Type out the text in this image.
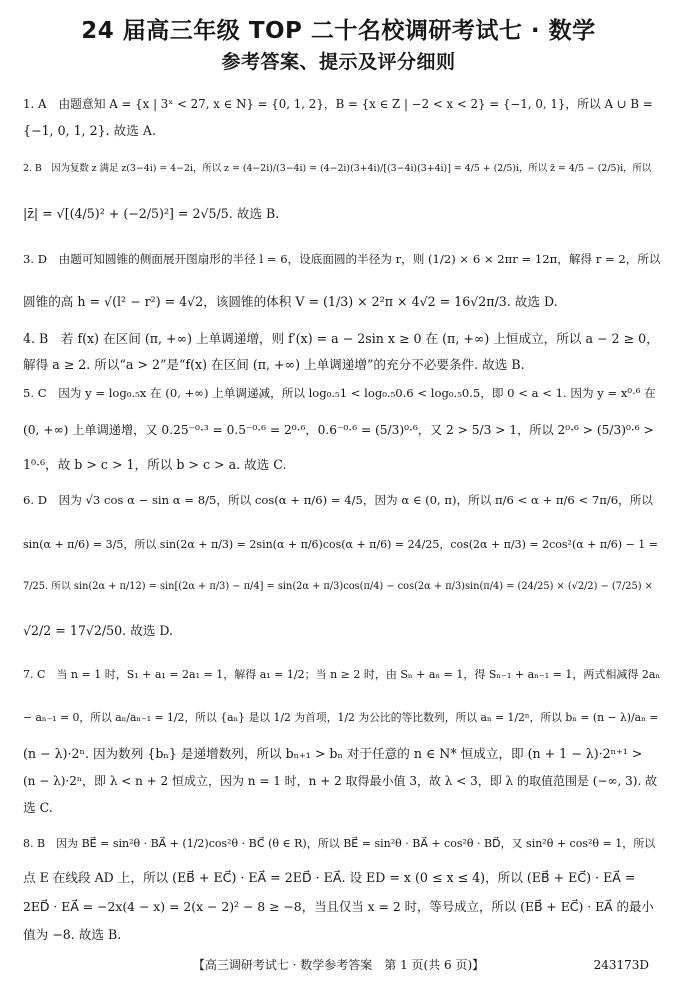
24 届高三年级 TOP 二十名校调研考试七 · 数学
参考答案、提示及评分细则
1. A　由题意知 A = {x | 3ˣ < 27, x ∈ N} = {0, 1, 2}，B = {x ∈ Z | −2 < x < 2} = {−1, 0, 1}，所以 A ∪ B =
{−1, 0, 1, 2}. 故选 A.
2. B　因为复数 z 满足 z(3−4i) = 4−2i，所以 z = (4−2i)/(3−4i) = (4−2i)(3+4i)/[(3−4i)(3+4i)] = 4/5 + (2/5)i，所以 z̄ = 4/5 − (2/5)i，所以
|z̄| = √[(4/5)² + (−2/5)²] = 2√5/5. 故选 B.
3. D　由题可知圆锥的侧面展开图扇形的半径 l = 6，设底面圆的半径为 r，则 (1/2) × 6 × 2πr = 12π，解得 r = 2，所以
圆锥的高 h = √(l² − r²) = 4√2，该圆锥的体积 V = (1/3) × 2²π × 4√2 = 16√2π/3. 故选 D.
4. B　若 f(x) 在区间 (π, +∞) 上单调递增，则 f′(x) = a − 2sin x ≥ 0 在 (π, +∞) 上恒成立，所以 a − 2 ≥ 0，
解得 a ≥ 2. 所以“a > 2”是“f(x) 在区间 (π, +∞) 上单调递增”的充分不必要条件. 故选 B.
5. C　因为 y = log₀.₅x 在 (0, +∞) 上单调递减，所以 log₀.₅1 < log₀.₅0.6 < log₀.₅0.5，即 0 < a < 1. 因为 y = x⁰·⁶ 在
(0, +∞) 上单调递增，又 0.25⁻⁰·³ = 0.5⁻⁰·⁶ = 2⁰·⁶，0.6⁻⁰·⁶ = (5/3)⁰·⁶，又 2 > 5/3 > 1，所以 2⁰·⁶ > (5/3)⁰·⁶ >
1⁰·⁶，故 b > c > 1，所以 b > c > a. 故选 C.
6. D　因为 √3 cos α − sin α = 8/5，所以 cos(α + π/6) = 4/5，因为 α ∈ (0, π)，所以 π/6 < α + π/6 < 7π/6，所以
sin(α + π/6) = 3/5，所以 sin(2α + π/3) = 2sin(α + π/6)cos(α + π/6) = 24/25，cos(2α + π/3) = 2cos²(α + π/6) − 1 =
7/25. 所以 sin(2α + π/12) = sin[(2α + π/3) − π/4] = sin(2α + π/3)cos(π/4) − cos(2α + π/3)sin(π/4) = (24/25) × (√2/2) − (7/25) ×
√2/2 = 17√2/50. 故选 D.
7. C　当 n = 1 时，S₁ + a₁ = 2a₁ = 1，解得 a₁ = 1/2；当 n ≥ 2 时，由 Sₙ + aₙ = 1，得 Sₙ₋₁ + aₙ₋₁ = 1，两式相减得 2aₙ
− aₙ₋₁ = 0，所以 aₙ/aₙ₋₁ = 1/2，所以 {aₙ} 是以 1/2 为首项，1/2 为公比的等比数列，所以 aₙ = 1/2ⁿ，所以 bₙ = (n − λ)/aₙ =
(n − λ)·2ⁿ. 因为数列 {bₙ} 是递增数列，所以 bₙ₊₁ > bₙ 对于任意的 n ∈ N* 恒成立，即 (n + 1 − λ)·2ⁿ⁺¹ >
(n − λ)·2ⁿ，即 λ < n + 2 恒成立，因为 n = 1 时，n + 2 取得最小值 3，故 λ < 3，即 λ 的取值范围是 (−∞, 3). 故
选 C.
8. B　因为 BE⃗ = sin²θ · BA⃗ + (1/2)cos²θ · BC⃗ (θ ∈ R)，所以 BE⃗ = sin²θ · BA⃗ + cos²θ · BD⃗，又 sin²θ + cos²θ = 1，所以
点 E 在线段 AD 上，所以 (EB⃗ + EC⃗) · EA⃗ = 2ED⃗ · EA⃗. 设 ED = x (0 ≤ x ≤ 4)，所以 (EB⃗ + EC⃗) · EA⃗ =
2ED⃗ · EA⃗ = −2x(4 − x) = 2(x − 2)² − 8 ≥ −8，当且仅当 x = 2 时，等号成立，所以 (EB⃗ + EC⃗) · EA⃗ 的最小
值为 −8. 故选 B.
【高三调研考试七 · 数学参考答案　第 1 页(共 6 页)】	243173D
